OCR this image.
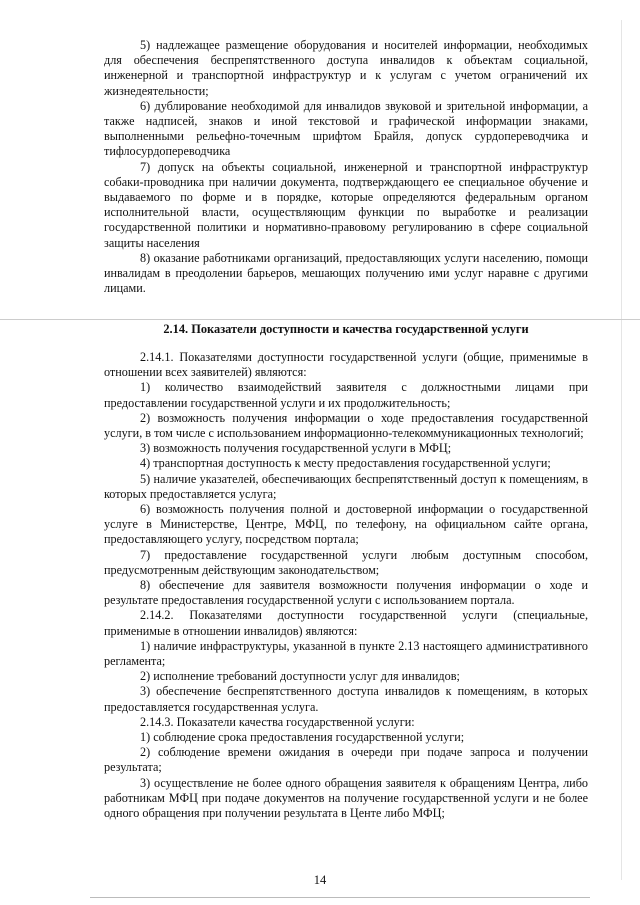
5) надлежащее размещение оборудования и носителей информации, необходимых для обеспечения беспрепятственного доступа инвалидов к объектам социальной, инженерной и транспортной инфраструктур и к услугам с учетом ограничений их жизнедеятельности;

6) дублирование необходимой для инвалидов звуковой и зрительной информации, а также надписей, знаков и иной текстовой и графической информации знаками, выполненными рельефно-точечным шрифтом Брайля, допуск сурдопереводчика и тифлосурдопереводчика

7) допуск на объекты социальной, инженерной и транспортной инфраструктур собаки-проводника при наличии документа, подтверждающего ее специальное обучение и выдаваемого по форме и в порядке, которые определяются федеральным органом исполнительной власти, осуществляющим функции по выработке и реализации государственной политики и нормативно-правовому регулированию в сфере социальной защиты населения

8) оказание работниками организаций, предоставляющих услуги населению, помощи инвалидам в преодолении барьеров, мешающих получению ими услуг наравне с другими лицами.

2.14. Показатели доступности и качества государственной услуги

2.14.1. Показателями доступности государственной услуги (общие, применимые в отношении всех заявителей) являются:

1) количество взаимодействий заявителя с должностными лицами при предоставлении государственной услуги и их продолжительность;

2) возможность получения информации о ходе предоставления государственной услуги, в том числе с использованием информационно-телекоммуникационных технологий;

3) возможность получения государственной услуги в МФЦ;

4) транспортная доступность к месту предоставления государственной услуги;

5) наличие указателей, обеспечивающих беспрепятственный доступ к помещениям, в которых предоставляется услуга;

6) возможность получения полной и достоверной информации о государственной услуге в Министерстве, Центре, МФЦ, по телефону, на официальном сайте органа, предоставляющего услугу, посредством портала;

7) предоставление государственной услуги любым доступным способом, предусмотренным действующим законодательством;

8) обеспечение для заявителя возможности получения информации о ходе и результате предоставления государственной услуги с использованием портала.

2.14.2. Показателями доступности государственной услуги (специальные, применимые в отношении инвалидов) являются:

1) наличие инфраструктуры, указанной в пункте 2.13 настоящего административного регламента;

2) исполнение требований доступности услуг для инвалидов;

3) обеспечение беспрепятственного доступа инвалидов к помещениям, в которых предоставляется государственная услуга.

2.14.3. Показатели качества государственной услуги:

1) соблюдение срока предоставления государственной услуги;

2) соблюдение времени ожидания в очереди при подаче запроса и получении результата;

3) осуществление не более одного обращения заявителя к обращениям Центра, либо работникам МФЦ при подаче документов на получение государственной услуги и не более одного обращения при получении результата в Центе либо МФЦ;

14
